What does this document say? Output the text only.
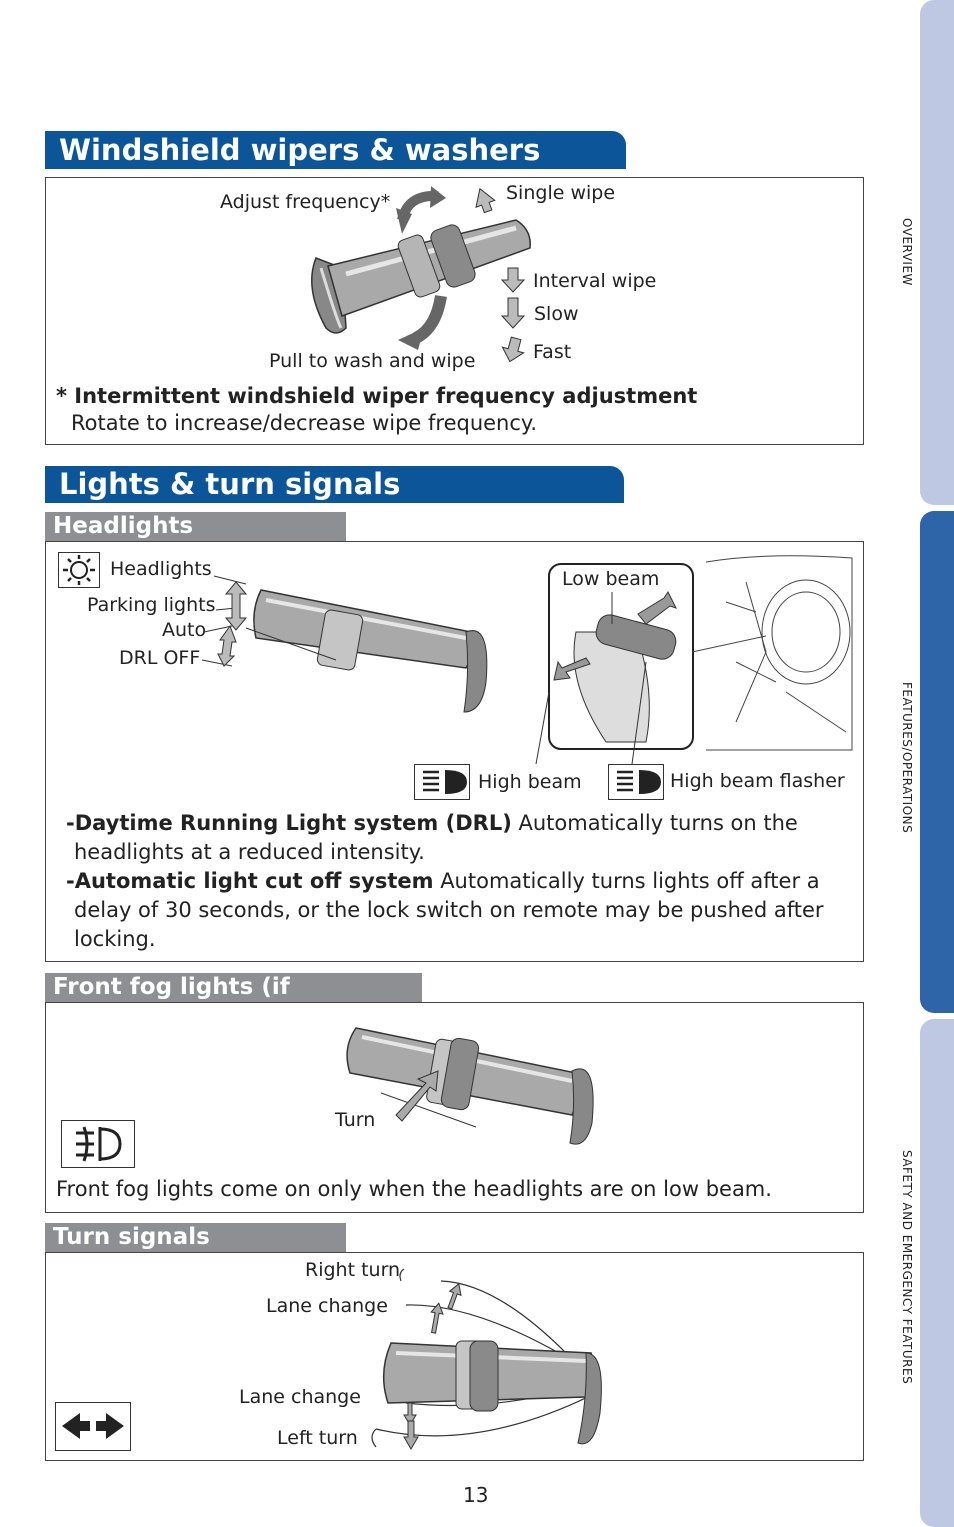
OVERVIEW
FEATURES/OPERATIONS
SAFETY AND EMERGENCY FEATURES
Windshield wipers & washers
Adjust frequency*	Single wipe
Interval wipe
Slow
Fast
Pull to wash and wipe
* Intermittent windshield wiper frequency adjustment
Rotate to increase/decrease wipe frequency.
Lights & turn signals
Headlights
Headlights
Parking lights
Auto
DRL OFF
Low beam
High beam	High beam flasher
-Daytime Running Light system (DRL) Automatically turns on the headlights at a reduced intensity.
-Automatic light cut off system Automatically turns lights off after a delay of 30 seconds, or the lock switch on remote may be pushed after locking.
Front fog lights (if
Turn
Front fog lights come on only when the headlights are on low beam.
Turn signals
Right turn
Lane change
Lane change
Left turn
13
